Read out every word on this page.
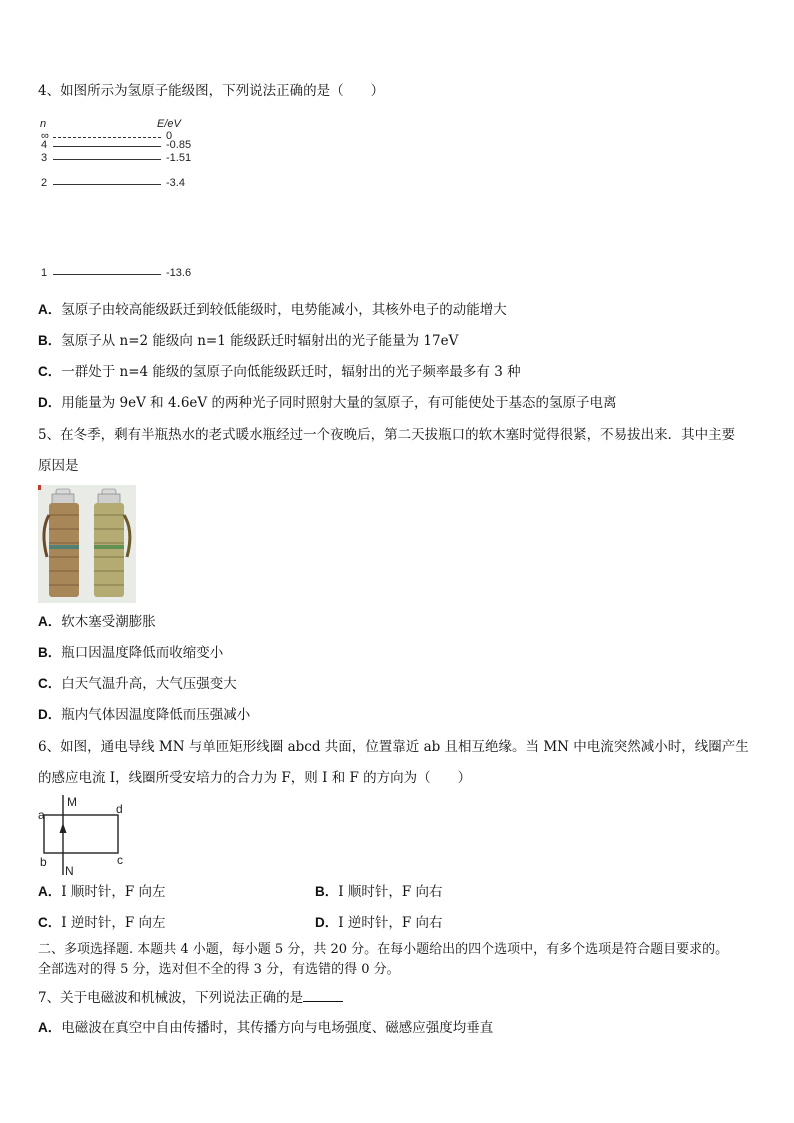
4、如图所示为氢原子能级图，下列说法正确的是（　　）
n	E/eV
∞	0
4	-0.85
3	-1.51
2	-3.4
1	-13.6
A．氢原子由较高能级跃迁到较低能级时，电势能减小，其核外电子的动能增大
B．氢原子从 n=2 能级向 n=1 能级跃迁时辐射出的光子能量为 17eV
C．一群处于 n=4 能级的氢原子向低能级跃迁时，辐射出的光子频率最多有 3 种
D．用能量为 9eV 和 4.6eV 的两种光子同时照射大量的氢原子，有可能使处于基态的氢原子电离
5、在冬季，剩有半瓶热水的老式暖水瓶经过一个夜晚后，第二天拔瓶口的软木塞时觉得很紧，不易拔出来．其中主要
原因是
A．软木塞受潮膨胀
B．瓶口因温度降低而收缩变小
C．白天气温升高，大气压强变大
D．瓶内气体因温度降低而压强减小
6、如图，通电导线 MN 与单匝矩形线圈 abcd 共面，位置靠近 ab 且相互绝缘。当 MN 中电流突然减小时，线圈产生
的感应电流 I，线圈所受安培力的合力为 F，则 I 和 F 的方向为（　　）
a
b	c
d
M
N
A．I 顺时针，F 向左	B．I 顺时针，F 向右
C．I 逆时针，F 向左	D．I 逆时针，F 向右
二、多项选择题. 本题共 4 小题，每小题 5 分，共 20 分。在每小题给出的四个选项中，有多个选项是符合题目要求的。
全部选对的得 5 分，选对但不全的得 3 分，有选错的得 0 分。
7、关于电磁波和机械波，下列说法正确的是
A．电磁波在真空中自由传播时，其传播方向与电场强度、磁感应强度均垂直
